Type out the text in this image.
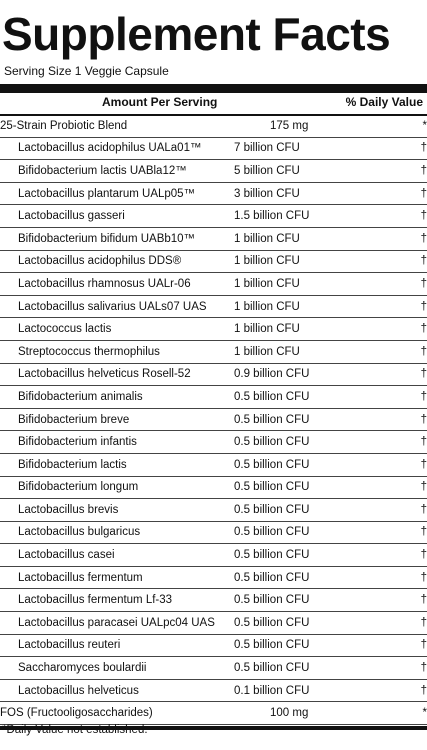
Supplement Facts
Serving Size 1 Veggie Capsule
Amount Per Serving	% Daily Value
25-Strain Probiotic Blend	175 mg	*
Lactobacillus acidophilus UALa01™	7 billion CFU	†
Bifidobacterium lactis UABla12™	5 billion CFU	†
Lactobacillus plantarum UALp05™	3 billion CFU	†
Lactobacillus gasseri	1.5 billion CFU	†
Bifidobacterium bifidum UABb10™	1 billion CFU	†
Lactobacillus acidophilus DDS®	1 billion CFU	†
Lactobacillus rhamnosus UALr-06	1 billion CFU	†
Lactobacillus salivarius UALs07 UAS	1 billion CFU	†
Lactococcus lactis	1 billion CFU	†
Streptococcus thermophilus	1 billion CFU	†
Lactobacillus helveticus Rosell-52	0.9 billion CFU	†
Bifidobacterium animalis	0.5 billion CFU	†
Bifidobacterium breve	0.5 billion CFU	†
Bifidobacterium infantis	0.5 billion CFU	†
Bifidobacterium lactis	0.5 billion CFU	†
Bifidobacterium longum	0.5 billion CFU	†
Lactobacillus brevis	0.5 billion CFU	†
Lactobacillus bulgaricus	0.5 billion CFU	†
Lactobacillus casei	0.5 billion CFU	†
Lactobacillus fermentum	0.5 billion CFU	†
Lactobacillus fermentum Lf-33	0.5 billion CFU	†
Lactobacillus paracasei UALpc04 UAS	0.5 billion CFU	†
Lactobacillus reuteri	0.5 billion CFU	†
Saccharomyces boulardii	0.5 billion CFU	†
Lactobacillus helveticus	0.1 billion CFU	†
FOS (Fructooligosaccharides)	100 mg	*
*Daily Value not established.
